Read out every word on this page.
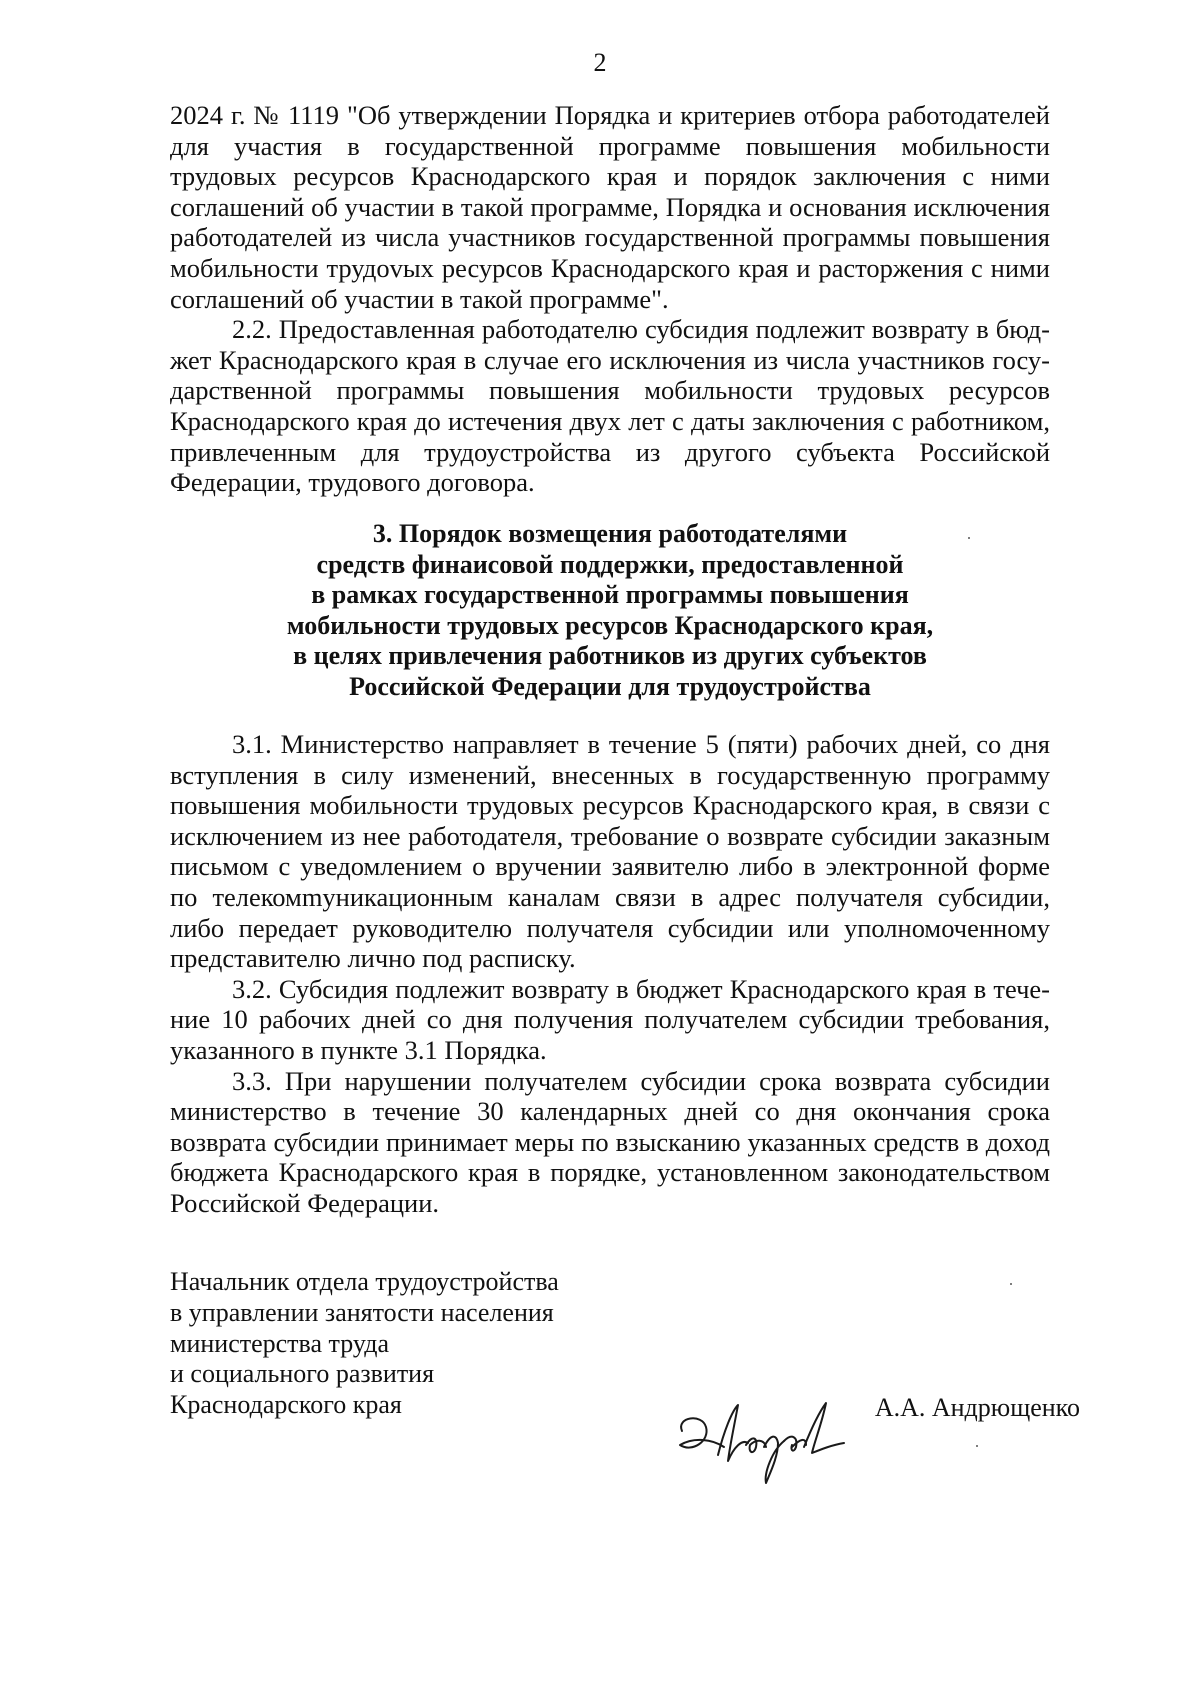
2

2024 г. № 1119 "Об утверждении Порядка и критериев отбора работодателей для участия в государственной программе повышения мобильности трудовых ресурсов Краснодарского края и порядок заключения с ними соглашений об участии в такой программе, Порядка и основания исключения работодателей из числа участников государственной программы повышения мобильности трудоvых ресурсов Краснодарского края и расторжения с ними соглашений об участии в такой программе".

2.2. Предоставленная работодателю субсидия подлежит возврату в бюджет Краснодарского края в случае его исключения из числа участников государственной программы повышения мобильности трудовых ресурсов Краснодарского края до истечения двух лет с даты заключения с работником, привлеченным для трудоустройства из другого субъекта Российской Федерации, трудового договора.

3. Порядок возмещения работодателями
средств финаисовой поддержки, предоставленной
в рамках государственной программы повышения
мобильности трудовых ресурсов Краснодарского края,
в целях привлечения работников из других субъектов
Российской Федерации для трудоустройства

3.1. Министерство направляет в течение 5 (пяти) рабочих дней, со дня вступления в силу изменений, внесенных в государственную программу повышения мобильности трудовых ресурсов Краснодарского края, в связи с исключением из нее работодателя, требование о возврате субсидии заказным письмом с уведомлением о вручении заявителю либо в электронной форме по телекомmуникационным каналам связи в адрес получателя субсидии, либо передает руководителю получателя субсидии или уполномоченному представителю лично под расписку.

3.2. Субсидия подлежит возврату в бюджет Краснодарского края в течение 10 рабочих дней со дня получения получателем субсидии требования, указанного в пункте 3.1 Порядка.

3.3. При нарушении получателем субсидии срока возврата субсидии министерство в течение 30 календарных дней со дня окончания срока возврата субсидии принимает меры по взысканию указанных средств в доход бюджета Краснодарского края в порядке, установленном законодательством Российской Федерации.

Начальник отдела трудоустройства
в управлении занятости населения
министерства труда
и социального развития
Краснодарского края	А.А. Андрющенко
